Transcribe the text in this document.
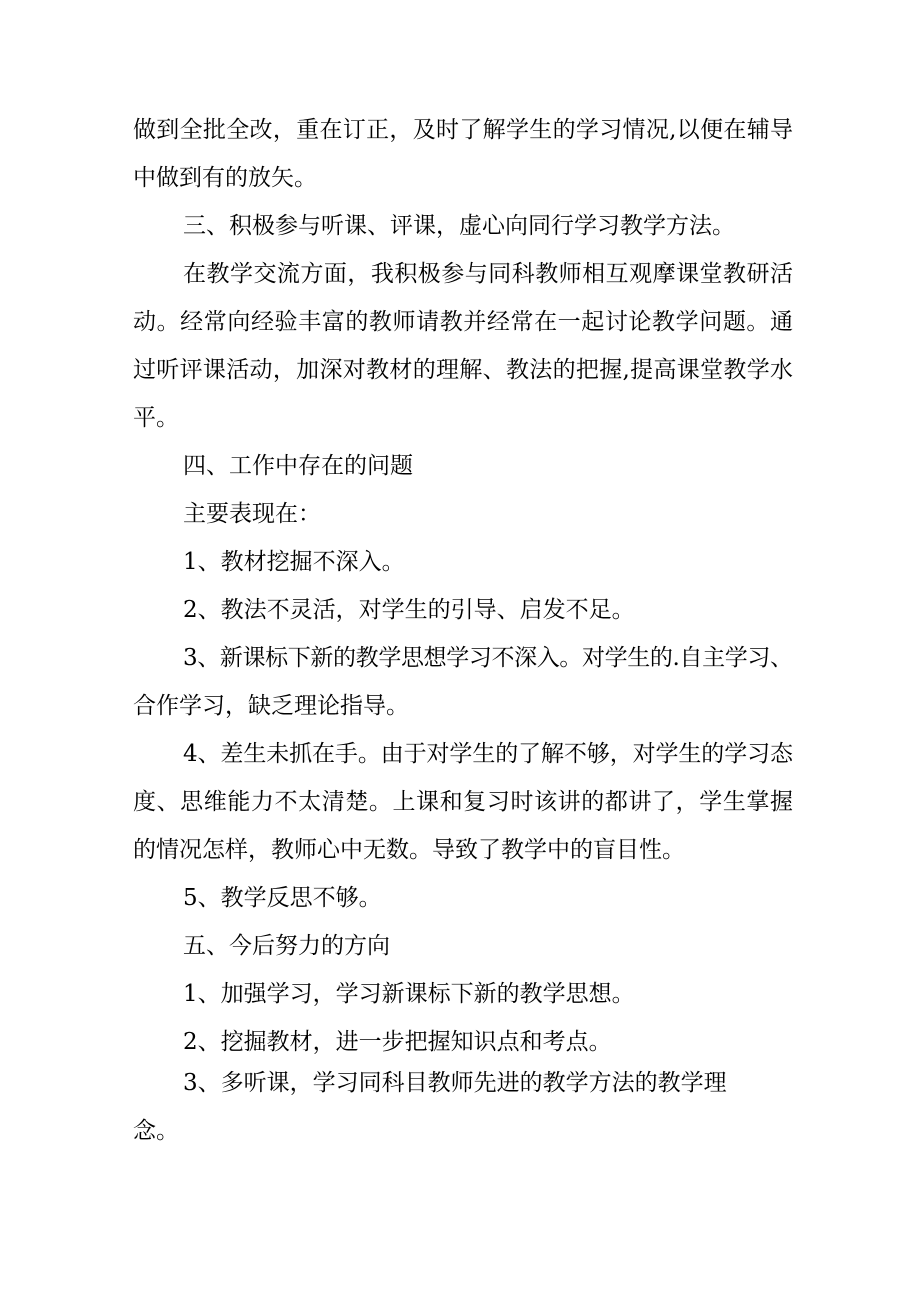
做到全批全改，重在订正，及时了解学生的学习情况,以便在辅导
中做到有的放矢。
三、积极参与听课、评课，虚心向同行学习教学方法。
在教学交流方面，我积极参与同科教师相互观摩课堂教研活
动。经常向经验丰富的教师请教并经常在一起讨论教学问题。通
过听评课活动，加深对教材的理解、教法的把握,提高课堂教学水
平。
四、工作中存在的问题
主要表现在：
1、教材挖掘不深入。
2、教法不灵活，对学生的引导、启发不足。
3、新课标下新的教学思想学习不深入。对学生的.自主学习、
合作学习，缺乏理论指导。
4、差生未抓在手。由于对学生的了解不够，对学生的学习态
度、思维能力不太清楚。上课和复习时该讲的都讲了，学生掌握
的情况怎样，教师心中无数。导致了教学中的盲目性。
5、教学反思不够。
五、今后努力的方向
1、加强学习，学习新课标下新的教学思想。
2、挖掘教材，进一步把握知识点和考点。
3、多听课，学习同科目教师先进的教学方法的教学理
念。
